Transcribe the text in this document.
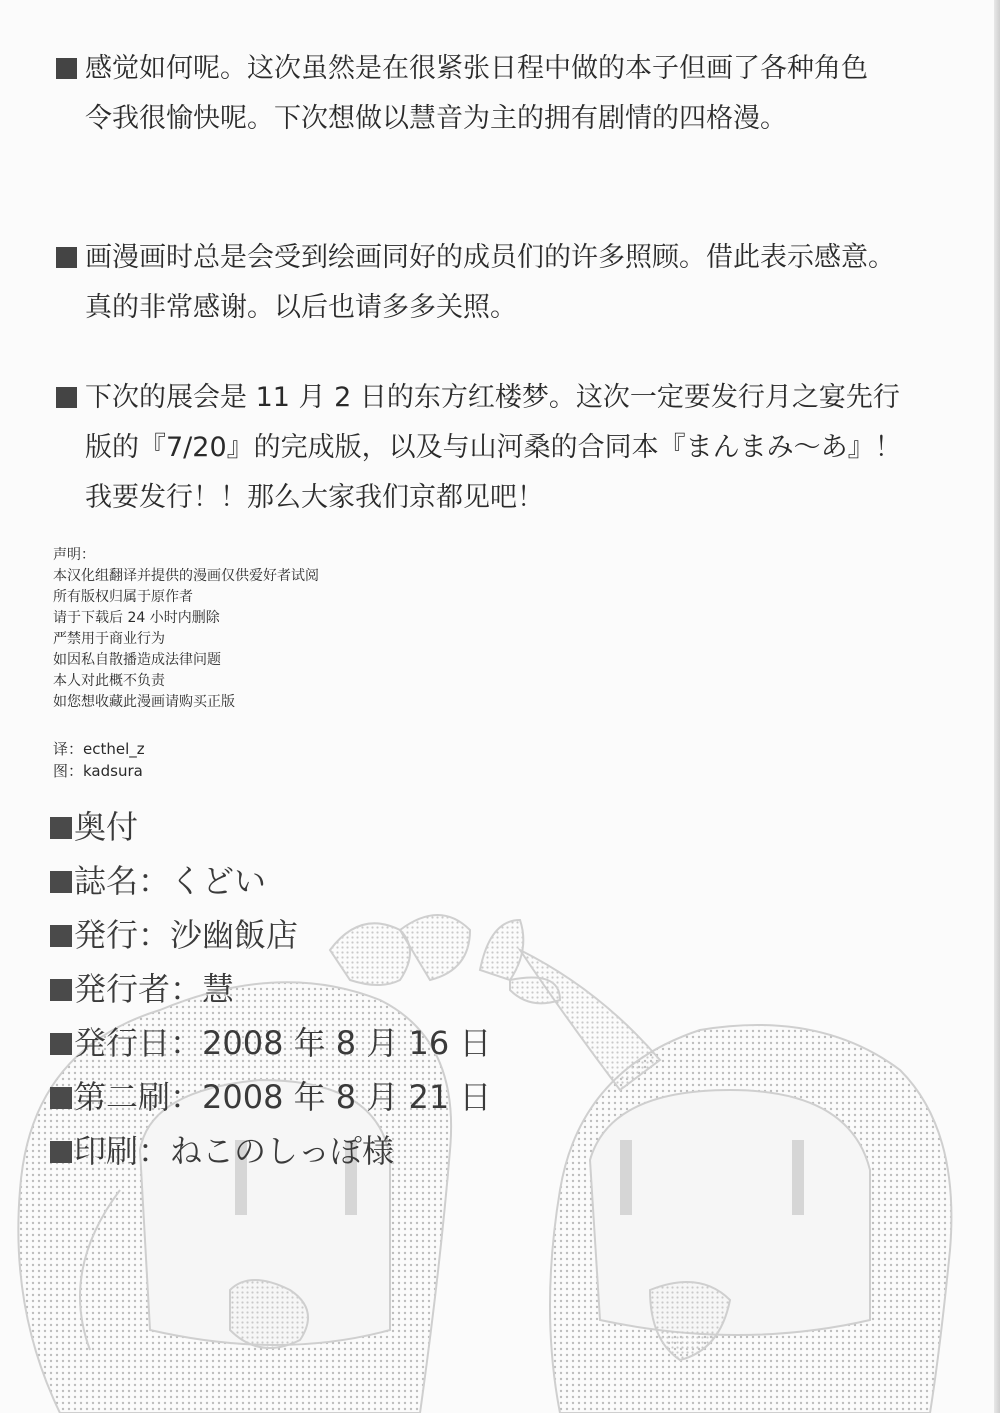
感觉如何呢。这次虽然是在很紧张日程中做的本子但画了各种角色
令我很愉快呢。下次想做以慧音为主的拥有剧情的四格漫。
画漫画时总是会受到绘画同好的成员们的许多照顾。借此表示感意。
真的非常感谢。以后也请多多关照。
下次的展会是 11 月 2 日的东方红楼梦。这次一定要发行月之宴先行
版的『7/20』的完成版，以及与山河桑的合同本『まんまみ～あ』！
我要发行！！那么大家我们京都见吧！
声明：
本汉化组翻译并提供的漫画仅供爱好者试阅
所有版权归属于原作者
请于下载后 24 小时内删除
严禁用于商业行为
如因私自散播造成法律问题
本人对此概不负责
如您想收藏此漫画请购买正版
译：ecthel_z
图：kadsura
奥付
誌名：くどい
発行：沙幽飯店
発行者：慧
発行日：2008 年 8 月 16 日
第二刷：2008 年 8 月 21 日
印刷：ねこのしっぽ様
